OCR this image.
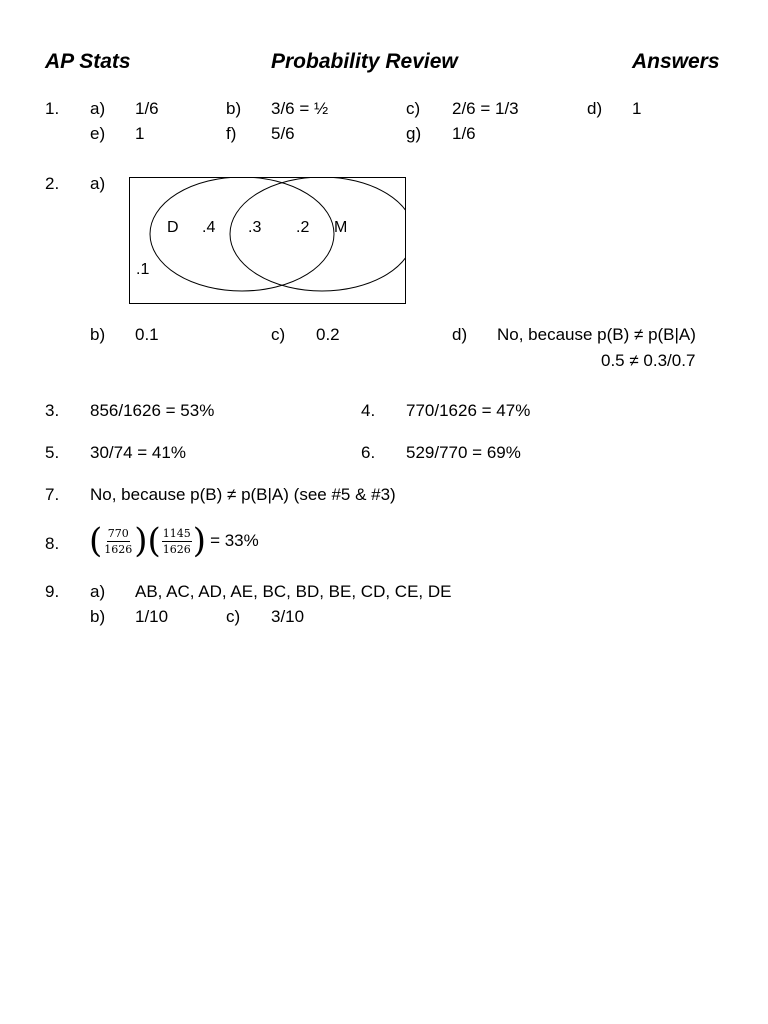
AP Stats	Probability Review	Answers
1. a) 1/6	b) 3/6 = ½	c) 2/6 = 1/3	d) 1
e) 1	f) 5/6	g) 1/6
2. a)
D .4 .3 .2 M
.1
b) 0.1	c) 0.2	d) No, because p(B) ≠ p(B|A)
0.5 ≠ 0.3/0.7
3. 856/1626 = 53%	4. 770/1626 = 47%
5. 30/74 = 41%	6. 529/770 = 69%
7. No, because p(B) ≠ p(B|A) (see #5 & #3)
8. ( $\frac{770}{1626}$ ) ( $\frac{1145}{1626}$ ) = 33%
9. a) AB, AC, AD, AE, BC, BD, BE, CD, CE, DE
b) 1/10	c) 3/10
